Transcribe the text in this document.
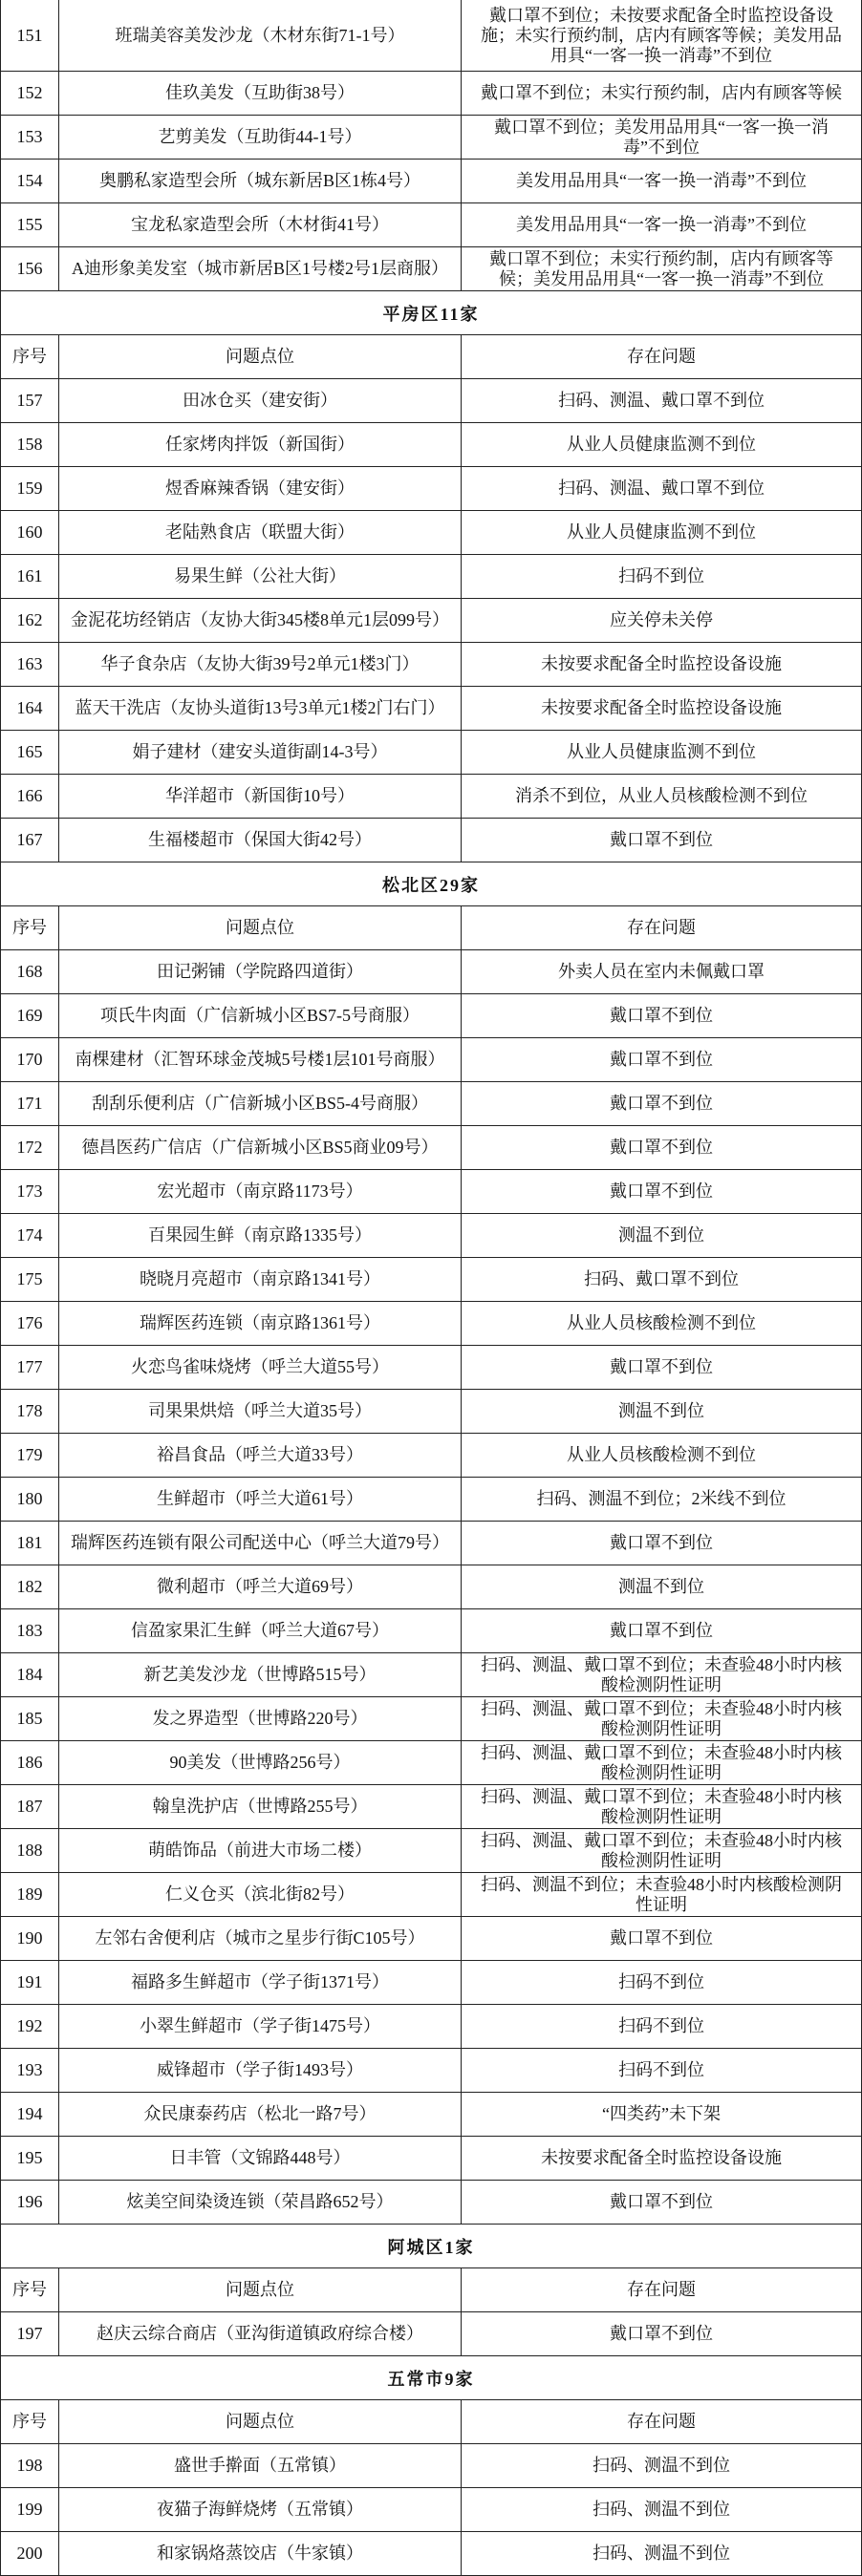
151	班瑞美容美发沙龙（木材东街71-1号）
戴口罩不到位；未按要求配备全时监控设备设施；未实行预约制，店内有顾客等候；美发用品用具“一客一换一消毒”不到位
152	佳玖美发（互助街38号）	戴口罩不到位；未实行预约制，店内有顾客等候
153	艺剪美发（互助街44-1号）
戴口罩不到位；美发用品用具“一客一换一消毒”不到位
154	奥鹏私家造型会所（城东新居B区1栋4号）	美发用品用具“一客一换一消毒”不到位
155	宝龙私家造型会所（木材街41号）	美发用品用具“一客一换一消毒”不到位
156	A迪形象美发室（城市新居B区1号楼2号1层商服）
戴口罩不到位；未实行预约制，店内有顾客等候；美发用品用具“一客一换一消毒”不到位
平房区11家
序号	问题点位	存在问题
157	田冰仓买（建安街）	扫码、测温、戴口罩不到位
158	任家烤肉拌饭（新国街）	从业人员健康监测不到位
159	煜香麻辣香锅（建安街）	扫码、测温、戴口罩不到位
160	老陆熟食店（联盟大街）	从业人员健康监测不到位
161	易果生鲜（公社大街）	扫码不到位
162	金泥花坊经销店（友协大街345楼8单元1层099号）	应关停未关停
163	华子食杂店（友协大街39号2单元1楼3门）	未按要求配备全时监控设备设施
164	蓝天干洗店（友协头道街13号3单元1楼2门右门）	未按要求配备全时监控设备设施
165	娟子建材（建安头道街副14-3号）	从业人员健康监测不到位
166	华洋超市（新国街10号）	消杀不到位，从业人员核酸检测不到位
167	生福楼超市（保国大街42号）	戴口罩不到位
松北区29家
序号	问题点位	存在问题
168	田记粥铺（学院路四道街）	外卖人员在室内未佩戴口罩
169	项氏牛肉面（广信新城小区BS7-5号商服）	戴口罩不到位
170	南棵建材（汇智环球金茂城5号楼1层101号商服）	戴口罩不到位
171	刮刮乐便利店（广信新城小区BS5-4号商服）	戴口罩不到位
172	德昌医药广信店（广信新城小区BS5商业09号）	戴口罩不到位
173	宏光超市（南京路1173号）	戴口罩不到位
174	百果园生鲜（南京路1335号）	测温不到位
175	晓晓月亮超市（南京路1341号）	扫码、戴口罩不到位
176	瑞辉医药连锁（南京路1361号）	从业人员核酸检测不到位
177	火恋鸟雀味烧烤（呼兰大道55号）	戴口罩不到位
178	司果果烘焙（呼兰大道35号）	测温不到位
179	裕昌食品（呼兰大道33号）	从业人员核酸检测不到位
180	生鲜超市（呼兰大道61号）	扫码、测温不到位；2米线不到位
181	瑞辉医药连锁有限公司配送中心（呼兰大道79号）	戴口罩不到位
182	微利超市（呼兰大道69号）	测温不到位
183	信盈家果汇生鲜（呼兰大道67号）	戴口罩不到位
184	新艺美发沙龙（世博路515号）
扫码、测温、戴口罩不到位；未查验48小时内核酸检测阴性证明
185	发之界造型（世博路220号）
扫码、测温、戴口罩不到位；未查验48小时内核酸检测阴性证明
186	90美发（世博路256号）
扫码、测温、戴口罩不到位；未查验48小时内核酸检测阴性证明
187	翰皇洗护店（世博路255号）
扫码、测温、戴口罩不到位；未查验48小时内核酸检测阴性证明
188	萌皓饰品（前进大市场二楼）
扫码、测温、戴口罩不到位；未查验48小时内核酸检测阴性证明
189	仁义仓买（滨北街82号）
扫码、测温不到位；未查验48小时内核酸检测阴性证明
190	左邻右舍便利店（城市之星步行街C105号）	戴口罩不到位
191	福路多生鲜超市（学子街1371号）	扫码不到位
192	小翠生鲜超市（学子街1475号）	扫码不到位
193	威锋超市（学子街1493号）	扫码不到位
194	众民康泰药店（松北一路7号）	“四类药”未下架
195	日丰管（文锦路448号）	未按要求配备全时监控设备设施
196	炫美空间染烫连锁（荣昌路652号）	戴口罩不到位
阿城区1家
序号	问题点位	存在问题
197	赵庆云综合商店（亚沟街道镇政府综合楼）	戴口罩不到位
五常市9家
序号	问题点位	存在问题
198	盛世手擀面（五常镇）	扫码、测温不到位
199	夜猫子海鲜烧烤（五常镇）	扫码、测温不到位
200	和家锅烙蒸饺店（牛家镇）	扫码、测温不到位
